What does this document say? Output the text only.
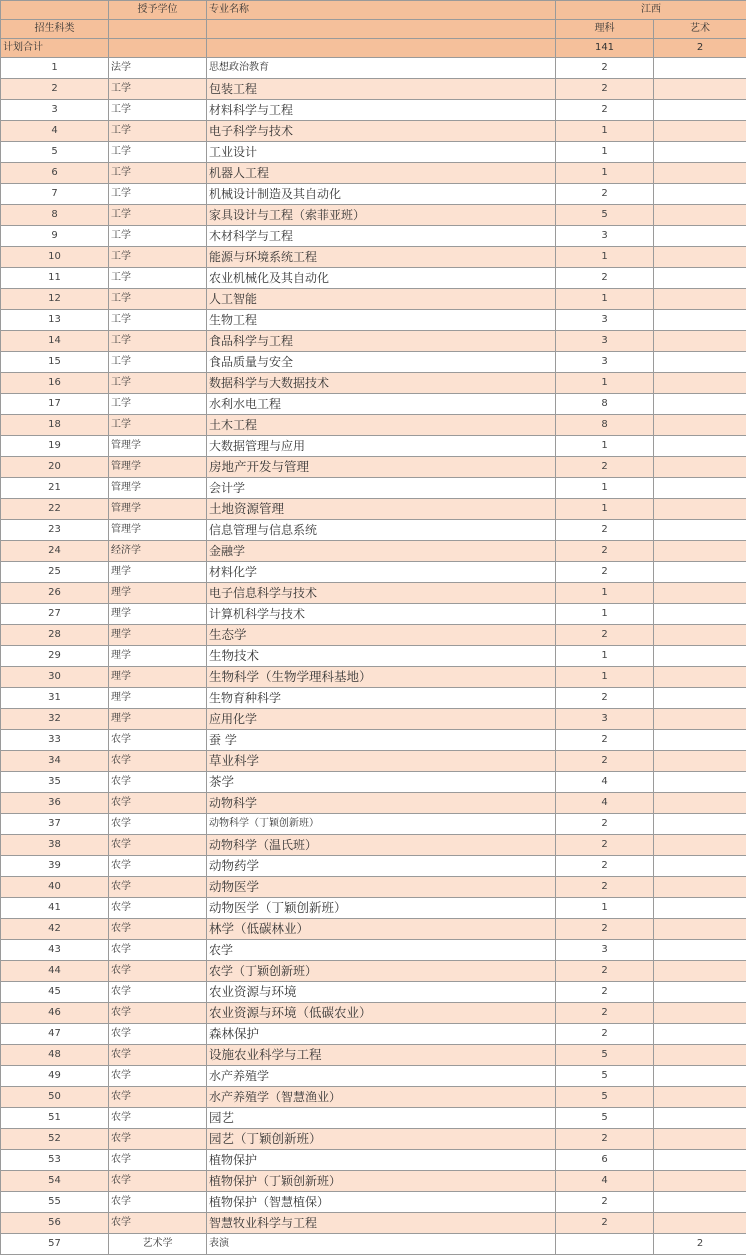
	授予学位	专业名称	江西	
招生科类			理科	艺术
计划合计			141	2
1	法学	思想政治教育	2	
2	工学	包装工程	2	
3	工学	材料科学与工程	2	
4	工学	电子科学与技术	1	
5	工学	工业设计	1	
6	工学	机器人工程	1	
7	工学	机械设计制造及其自动化	2	
8	工学	家具设计与工程（索菲亚班）	5	
9	工学	木材科学与工程	3	
10	工学	能源与环境系统工程	1	
11	工学	农业机械化及其自动化	2	
12	工学	人工智能	1	
13	工学	生物工程	3	
14	工学	食品科学与工程	3	
15	工学	食品质量与安全	3	
16	工学	数据科学与大数据技术	1	
17	工学	水利水电工程	8	
18	工学	土木工程	8	
19	管理学	大数据管理与应用	1	
20	管理学	房地产开发与管理	2	
21	管理学	会计学	1	
22	管理学	土地资源管理	1	
23	管理学	信息管理与信息系统	2	
24	经济学	金融学	2	
25	理学	材料化学	2	
26	理学	电子信息科学与技术	1	
27	理学	计算机科学与技术	1	
28	理学	生态学	2	
29	理学	生物技术	1	
30	理学	生物科学（生物学理科基地）	1	
31	理学	生物育种科学	2	
32	理学	应用化学	3	
33	农学	蚕 学	2	
34	农学	草业科学	2	
35	农学	茶学	4	
36	农学	动物科学	4	
37	农学	动物科学（丁颖创新班）	2	
38	农学	动物科学（温氏班）	2	
39	农学	动物药学	2	
40	农学	动物医学	2	
41	农学	动物医学（丁颖创新班）	1	
42	农学	林学（低碳林业）	2	
43	农学	农学	3	
44	农学	农学（丁颖创新班）	2	
45	农学	农业资源与环境	2	
46	农学	农业资源与环境（低碳农业）	2	
47	农学	森林保护	2	
48	农学	设施农业科学与工程	5	
49	农学	水产养殖学	5	
50	农学	水产养殖学（智慧渔业）	5	
51	农学	园艺	5	
52	农学	园艺（丁颖创新班）	2	
53	农学	植物保护	6	
54	农学	植物保护（丁颖创新班）	4	
55	农学	植物保护（智慧植保）	2	
56	农学	智慧牧业科学与工程	2	
57	艺术学	表演		2
